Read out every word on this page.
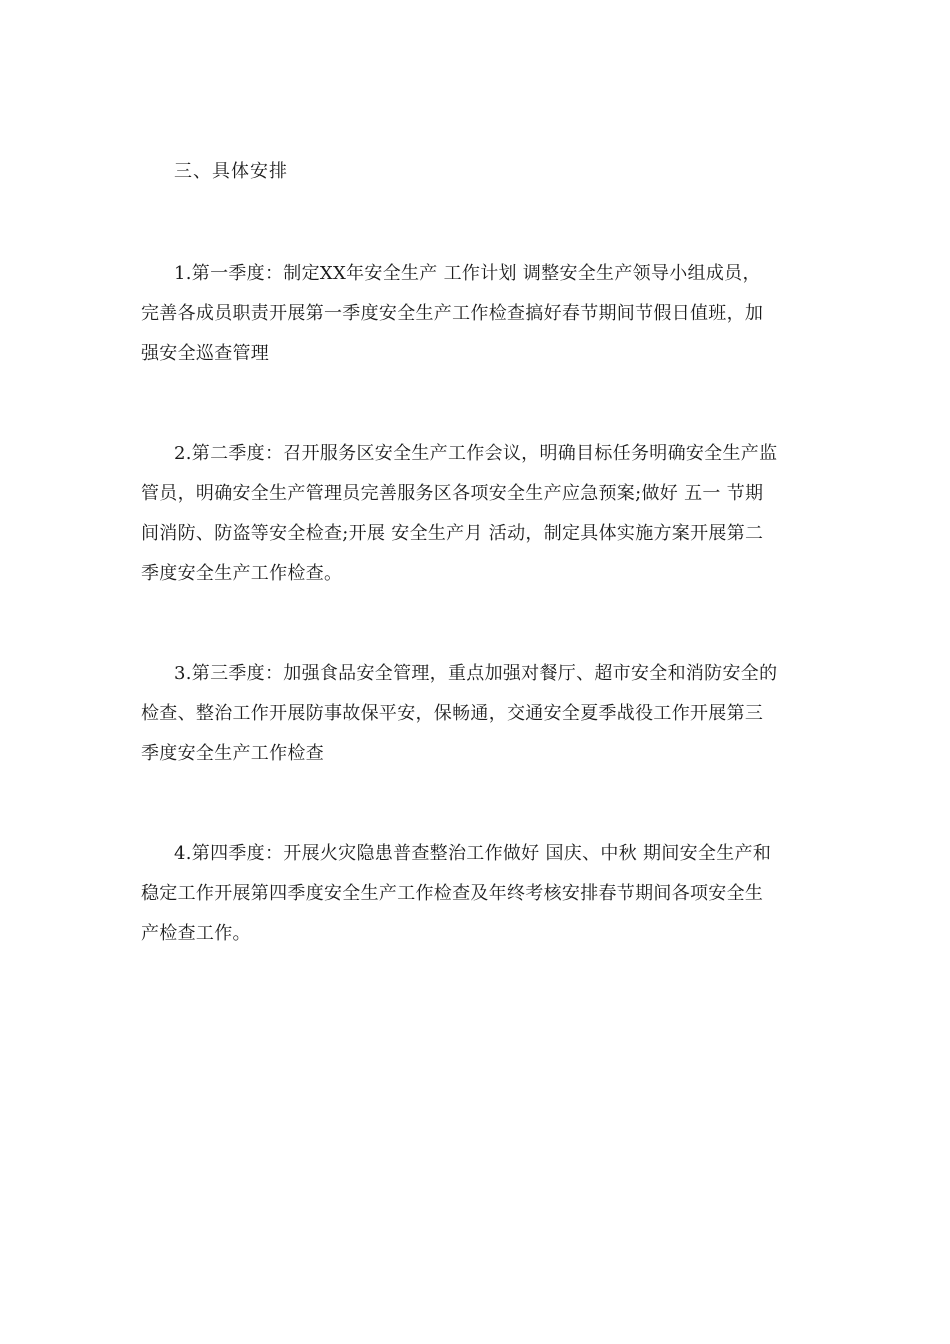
三、具体安排
1.第一季度：制定XX年安全生产 工作计划 调整安全生产领导小组成员，
完善各成员职责开展第一季度安全生产工作检查搞好春节期间节假日值班，加
强安全巡查管理
2.第二季度：召开服务区安全生产工作会议，明确目标任务明确安全生产监
管员，明确安全生产管理员完善服务区各项安全生产应急预案;做好 五一 节期
间消防、防盗等安全检查;开展 安全生产月 活动，制定具体实施方案开展第二
季度安全生产工作检查。
3.第三季度：加强食品安全管理，重点加强对餐厅、超市安全和消防安全的
检查、整治工作开展防事故保平安，保畅通，交通安全夏季战役工作开展第三
季度安全生产工作检查
4.第四季度：开展火灾隐患普查整治工作做好 国庆、中秋 期间安全生产和
稳定工作开展第四季度安全生产工作检查及年终考核安排春节期间各项安全生
产检查工作。
